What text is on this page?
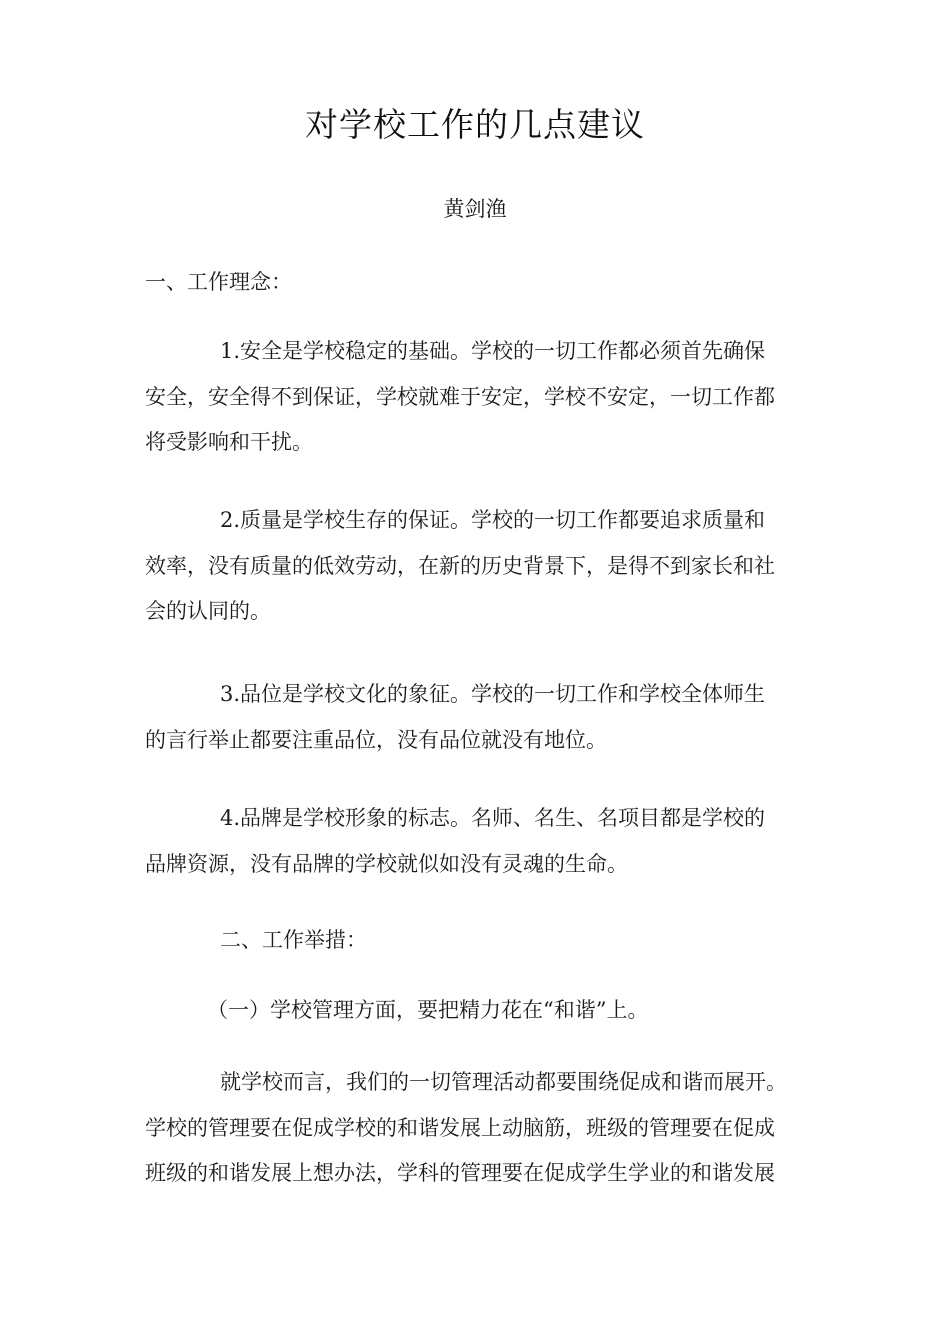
对学校工作的几点建议
黄剑渔
一、工作理念：
1.安全是学校稳定的基础。学校的一切工作都必须首先确保
安全，安全得不到保证，学校就难于安定，学校不安定，一切工作都
将受影响和干扰。
2.质量是学校生存的保证。学校的一切工作都要追求质量和
效率，没有质量的低效劳动，在新的历史背景下，是得不到家长和社
会的认同的。
3.品位是学校文化的象征。学校的一切工作和学校全体师生
的言行举止都要注重品位，没有品位就没有地位。
4.品牌是学校形象的标志。名师、名生、名项目都是学校的
品牌资源，没有品牌的学校就似如没有灵魂的生命。
二、工作举措：
（一）学校管理方面，要把精力花在“和谐”上。
就学校而言，我们的一切管理活动都要围绕促成和谐而展开。
学校的管理要在促成学校的和谐发展上动脑筋，班级的管理要在促成
班级的和谐发展上想办法，学科的管理要在促成学生学业的和谐发展
